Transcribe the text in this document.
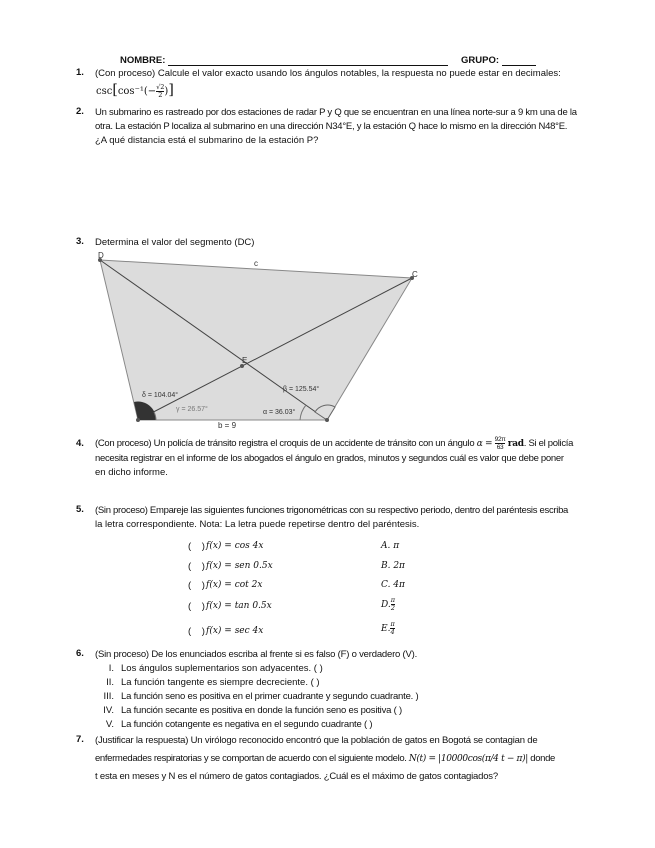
NOMBRE:	GRUPO:
1. (Con proceso) Calcule el valor exacto usando los ángulos notables, la respuesta no puede estar en decimales:
$\csc[\cos^{-1}(- \frac{√2}{2}$ )]
2. Un submarino es rastreado por dos estaciones de radar P y Q que se encuentran en una línea norte-sur a 9 km una de la
otra. La estación P localiza al submarino en una dirección N34°E, y la estación Q hace lo mismo en la dirección N48°E.
¿A qué distancia está el submarino de la estación P?
3. Determina el valor del segmento (DC)
D
C
E
c
b = 9
δ = 104.04°
γ = 26.57°
β = 125.54°
α = 36.03°
4. (Con proceso) Un policía de tránsito registra el croquis de un accidente de tránsito con un ángulo $\alpha = \frac{92\pi}{63}$ rad. Si el policía
necesita registrar en el informe de los abogados el ángulo en grados, minutos y segundos cuál es valor que debe poner
en dicho informe.
5. (Sin proceso) Empareje las siguientes funciones trigonométricas con su respectivo periodo, dentro del paréntesis escriba
la letra correspondiente. Nota: La letra puede repetirse dentro del paréntesis.
(    ) f(x) = cos 4x	A. π
(    ) f(x) = sen 0.5x	B. 2π
(    ) f(x) = cot 2x	C. 4π
(    ) f(x) = tan 0.5x	D. $\frac{\pi}{2}$
(    ) f(x) = sec 4x	E. $\frac{\pi}{4}$
6. (Sin proceso) De los enunciados escriba al frente si es falso (F) o verdadero (V).
I. Los ángulos suplementarios son adyacentes. ( )
II. La función tangente es siempre decreciente. ( )
III. La función seno es positiva en el primer cuadrante y segundo cuadrante. )
IV. La función secante es positiva en donde la función seno es positiva ( )
V. La función cotangente es negativa en el segundo cuadrante ( )
7. (Justificar la respuesta) Un virólogo reconocido encontró que la población de gatos en Bogotá se contagian de
enfermedades respiratorias y se comportan de acuerdo con el siguiente modelo. N(t) = |10000cos(π/4 t − π)| donde
t esta en meses y N es el número de gatos contagiados. ¿Cuál es el máximo de gatos contagiados?
